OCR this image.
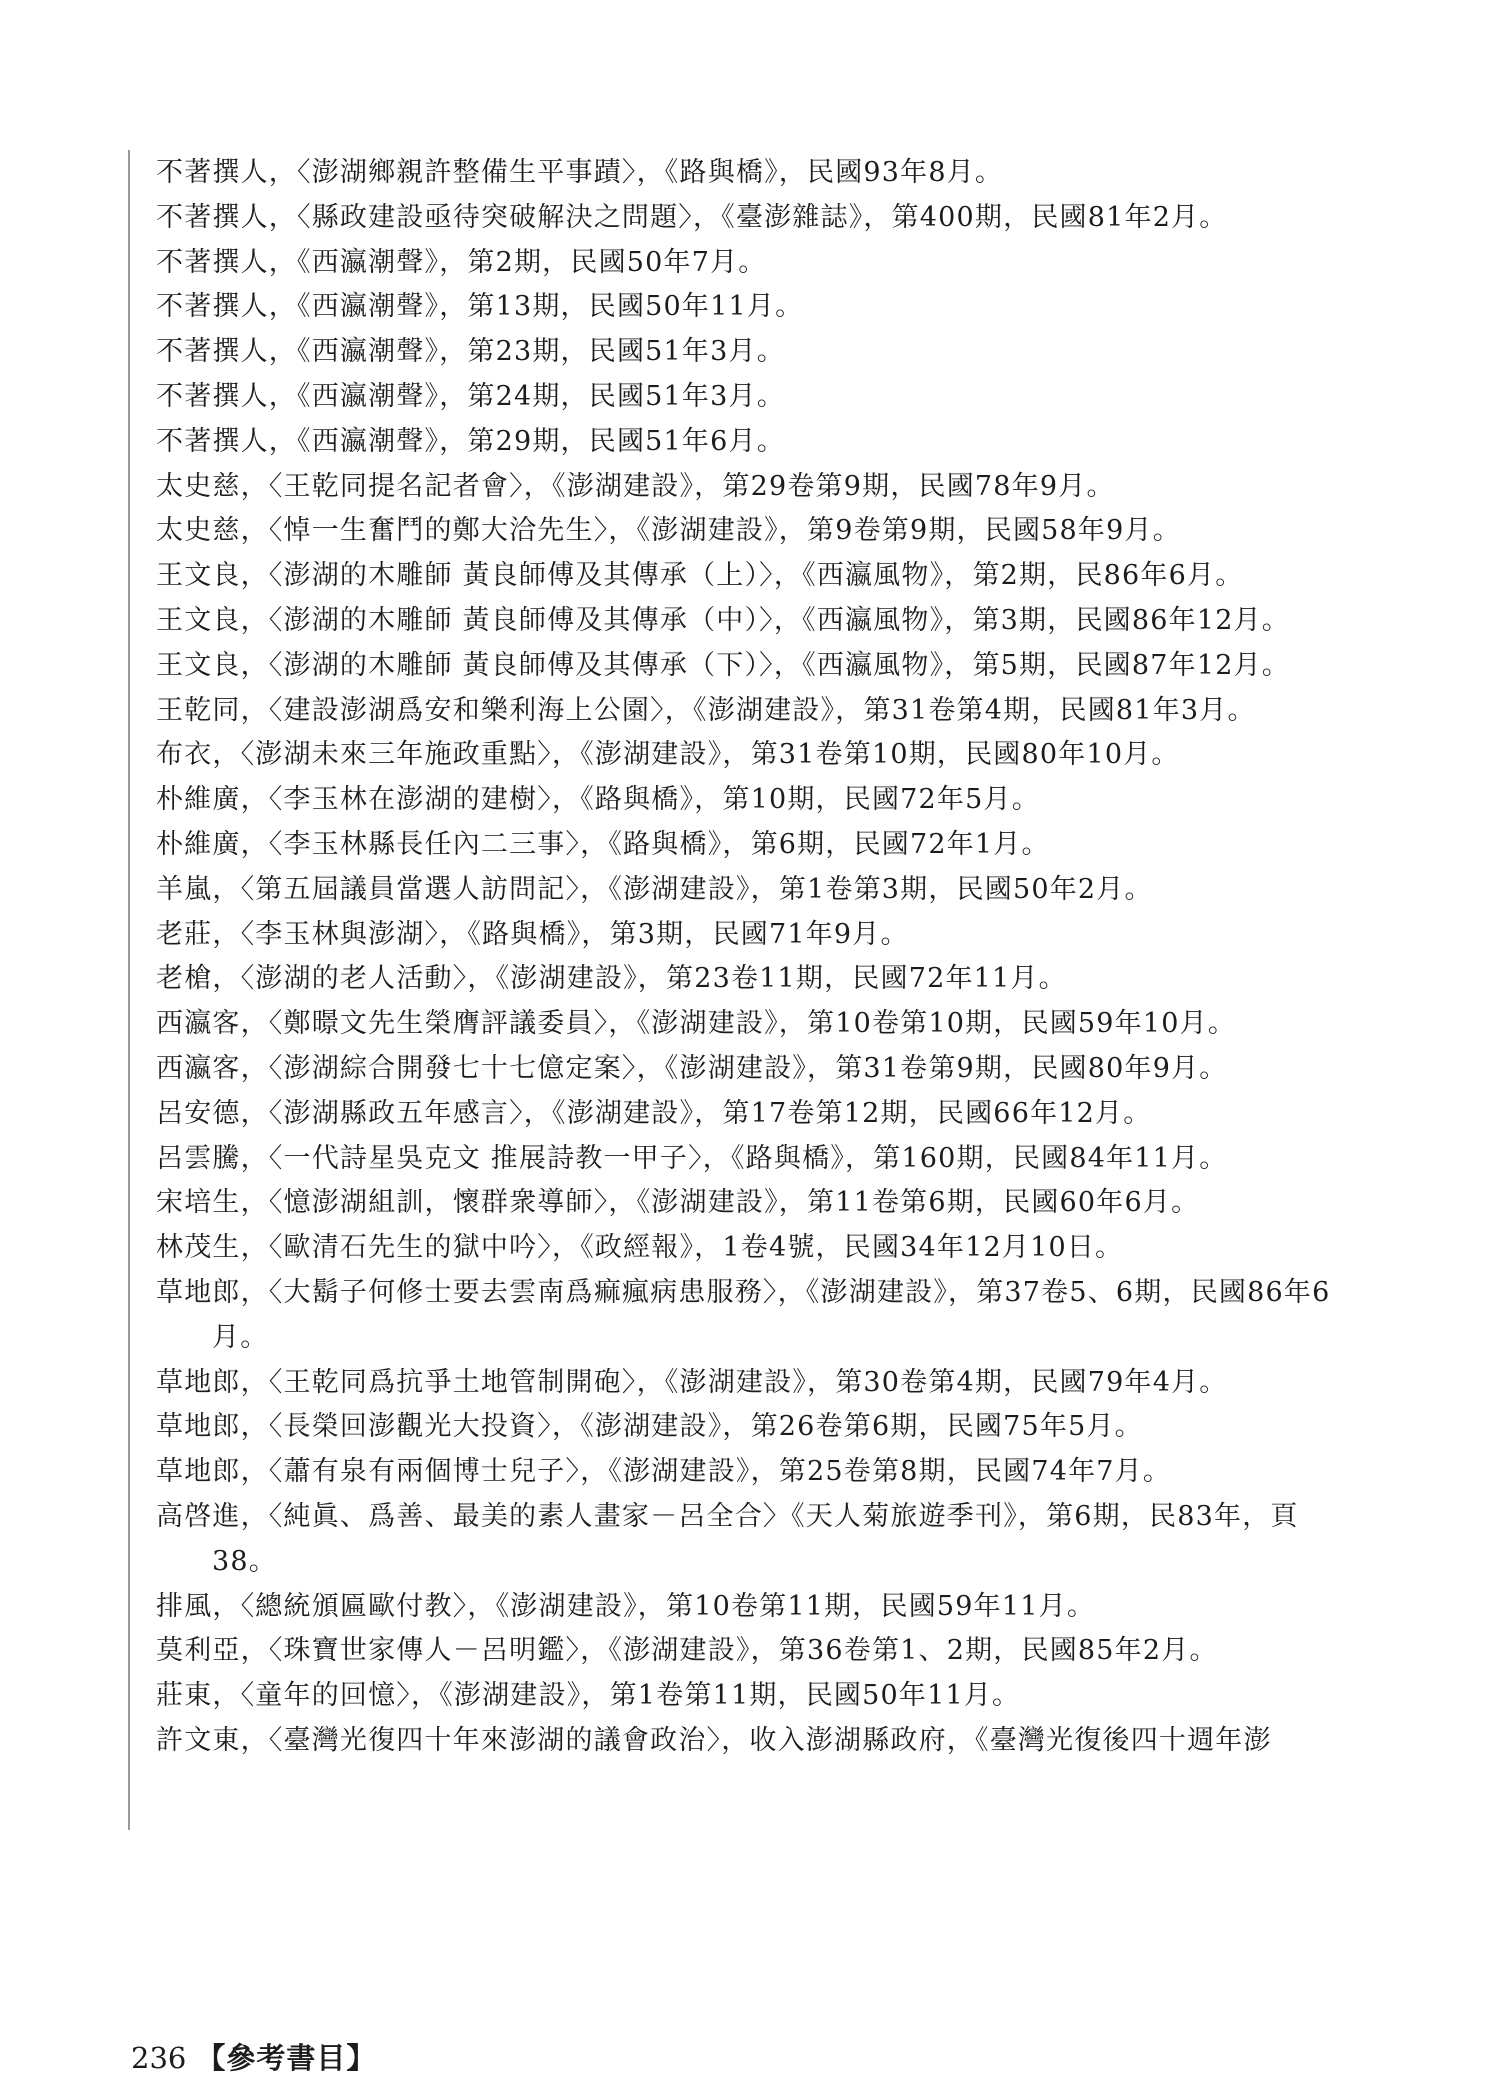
不著撰人，〈澎湖鄉親許整備生平事蹟〉，《路與橋》，民國93年8月。
不著撰人，〈縣政建設亟待突破解決之問題〉，《臺澎雜誌》，第400期，民國81年2月。
不著撰人，《西瀛潮聲》，第2期，民國50年7月。
不著撰人，《西瀛潮聲》，第13期，民國50年11月。
不著撰人，《西瀛潮聲》，第23期，民國51年3月。
不著撰人，《西瀛潮聲》，第24期，民國51年3月。
不著撰人，《西瀛潮聲》，第29期，民國51年6月。
太史慈，〈王乾同提名記者會〉，《澎湖建設》，第29卷第9期，民國78年9月。
太史慈，〈悼一生奮鬥的鄭大洽先生〉，《澎湖建設》，第9卷第9期，民國58年9月。
王文良，〈澎湖的木雕師 黃良師傅及其傳承（上）〉，《西瀛風物》，第2期，民86年6月。
王文良，〈澎湖的木雕師 黃良師傅及其傳承（中）〉，《西瀛風物》，第3期，民國86年12月。
王文良，〈澎湖的木雕師 黃良師傅及其傳承（下）〉，《西瀛風物》，第5期，民國87年12月。
王乾同，〈建設澎湖爲安和樂利海上公園〉，《澎湖建設》，第31卷第4期，民國81年3月。
布衣，〈澎湖未來三年施政重點〉，《澎湖建設》，第31卷第10期，民國80年10月。
朴維廣，〈李玉林在澎湖的建樹〉，《路與橋》，第10期，民國72年5月。
朴維廣，〈李玉林縣長任內二三事〉，《路與橋》，第6期，民國72年1月。
羊嵐，〈第五屆議員當選人訪問記〉，《澎湖建設》，第1卷第3期，民國50年2月。
老莊，〈李玉林與澎湖〉，《路與橋》，第3期，民國71年9月。
老槍，〈澎湖的老人活動〉，《澎湖建設》，第23卷11期，民國72年11月。
西瀛客，〈鄭暻文先生榮膺評議委員〉，《澎湖建設》，第10卷第10期，民國59年10月。
西瀛客，〈澎湖綜合開發七十七億定案〉，《澎湖建設》，第31卷第9期，民國80年9月。
呂安德，〈澎湖縣政五年感言〉，《澎湖建設》，第17卷第12期，民國66年12月。
呂雲騰，〈一代詩星吳克文 推展詩教一甲子〉，《路與橋》，第160期，民國84年11月。
宋培生，〈憶澎湖組訓，懷群衆導師〉，《澎湖建設》，第11卷第6期，民國60年6月。
林茂生，〈歐清石先生的獄中吟〉，《政經報》，1卷4號，民國34年12月10日。
草地郎，〈大鬍子何修士要去雲南爲痲瘋病患服務〉，《澎湖建設》，第37卷5、6期，民國86年6月。
草地郎，〈王乾同爲抗爭土地管制開砲〉，《澎湖建設》，第30卷第4期，民國79年4月。
草地郎，〈長榮回澎觀光大投資〉，《澎湖建設》，第26卷第6期，民國75年5月。
草地郎，〈蕭有泉有兩個博士兒子〉，《澎湖建設》，第25卷第8期，民國74年7月。
高啓進，〈純眞、爲善、最美的素人畫家－呂全合〉《天人菊旅遊季刊》，第6期，民83年，頁38。
排風，〈總統頒匾歐付教〉，《澎湖建設》，第10卷第11期，民國59年11月。
莫利亞，〈珠寶世家傳人－呂明鑑〉，《澎湖建設》，第36卷第1、2期，民國85年2月。
莊東，〈童年的回憶〉，《澎湖建設》，第1卷第11期，民國50年11月。
許文東，〈臺灣光復四十年來澎湖的議會政治〉，收入澎湖縣政府，《臺灣光復後四十週年澎
236 【參考書目】
